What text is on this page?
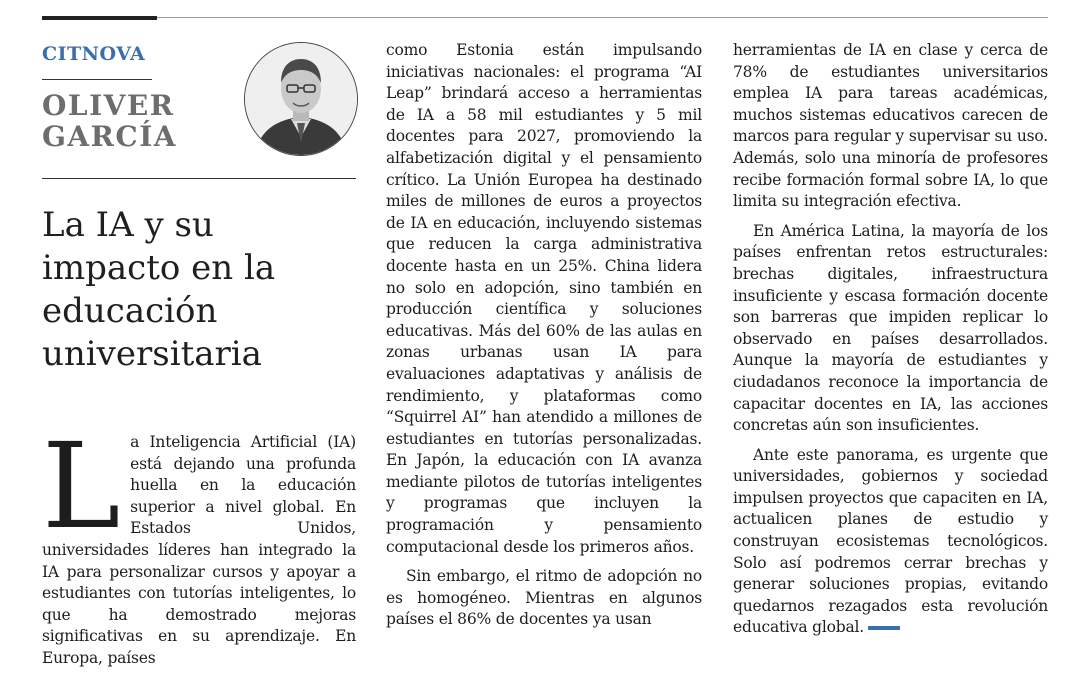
CITNOVA
OLIVER GARCÍA
La IA y su impacto en la educación universitaria

La Inteligencia Artificial (IA) está dejando una profunda huella en la educación superior a nivel global. En Estados Unidos, universidades líderes han integrado la IA para personalizar cursos y apoyar a estudiantes con tutorías inteligentes, lo que ha demostrado mejoras significativas en su aprendizaje. En Europa, países

como Estonia están impulsando iniciativas nacionales: el programa “AI Leap” brindará acceso a herramientas de IA a 58 mil estudiantes y 5 mil docentes para 2027, promoviendo la alfabetización digital y el pensamiento crítico. La Unión Europea ha destinado miles de millones de euros a proyectos de IA en educación, incluyendo sistemas que reducen la carga administrativa docente hasta en un 25%. China lidera no solo en adopción, sino también en producción científica y soluciones educativas. Más del 60% de las aulas en zonas urbanas usan IA para evaluaciones adaptativas y análisis de rendimiento, y plataformas como “Squirrel AI” han atendido a millones de estudiantes en tutorías personalizadas. En Japón, la educación con IA avanza mediante pilotos de tutorías inteligentes y programas que incluyen la programación y pensamiento computacional desde los primeros años.

Sin embargo, el ritmo de adopción no es homogéneo. Mientras en algunos países el 86% de docentes ya usan

herramientas de IA en clase y cerca de 78% de estudiantes universitarios emplea IA para tareas académicas, muchos sistemas educativos carecen de marcos para regular y supervisar su uso. Además, solo una minoría de profesores recibe formación formal sobre IA, lo que limita su integración efectiva.

En América Latina, la mayoría de los países enfrentan retos estructurales: brechas digitales, infraestructura insuficiente y escasa formación docente son barreras que impiden replicar lo observado en países desarrollados. Aunque la mayoría de estudiantes y ciudadanos reconoce la importancia de capacitar docentes en IA, las acciones concretas aún son insuficientes.

Ante este panorama, es urgente que universidades, gobiernos y sociedad impulsen proyectos que capaciten en IA, actualicen planes de estudio y construyan ecosistemas tecnológicos. Solo así podremos cerrar brechas y generar soluciones propias, evitando quedarnos rezagados esta revolución educativa global.
